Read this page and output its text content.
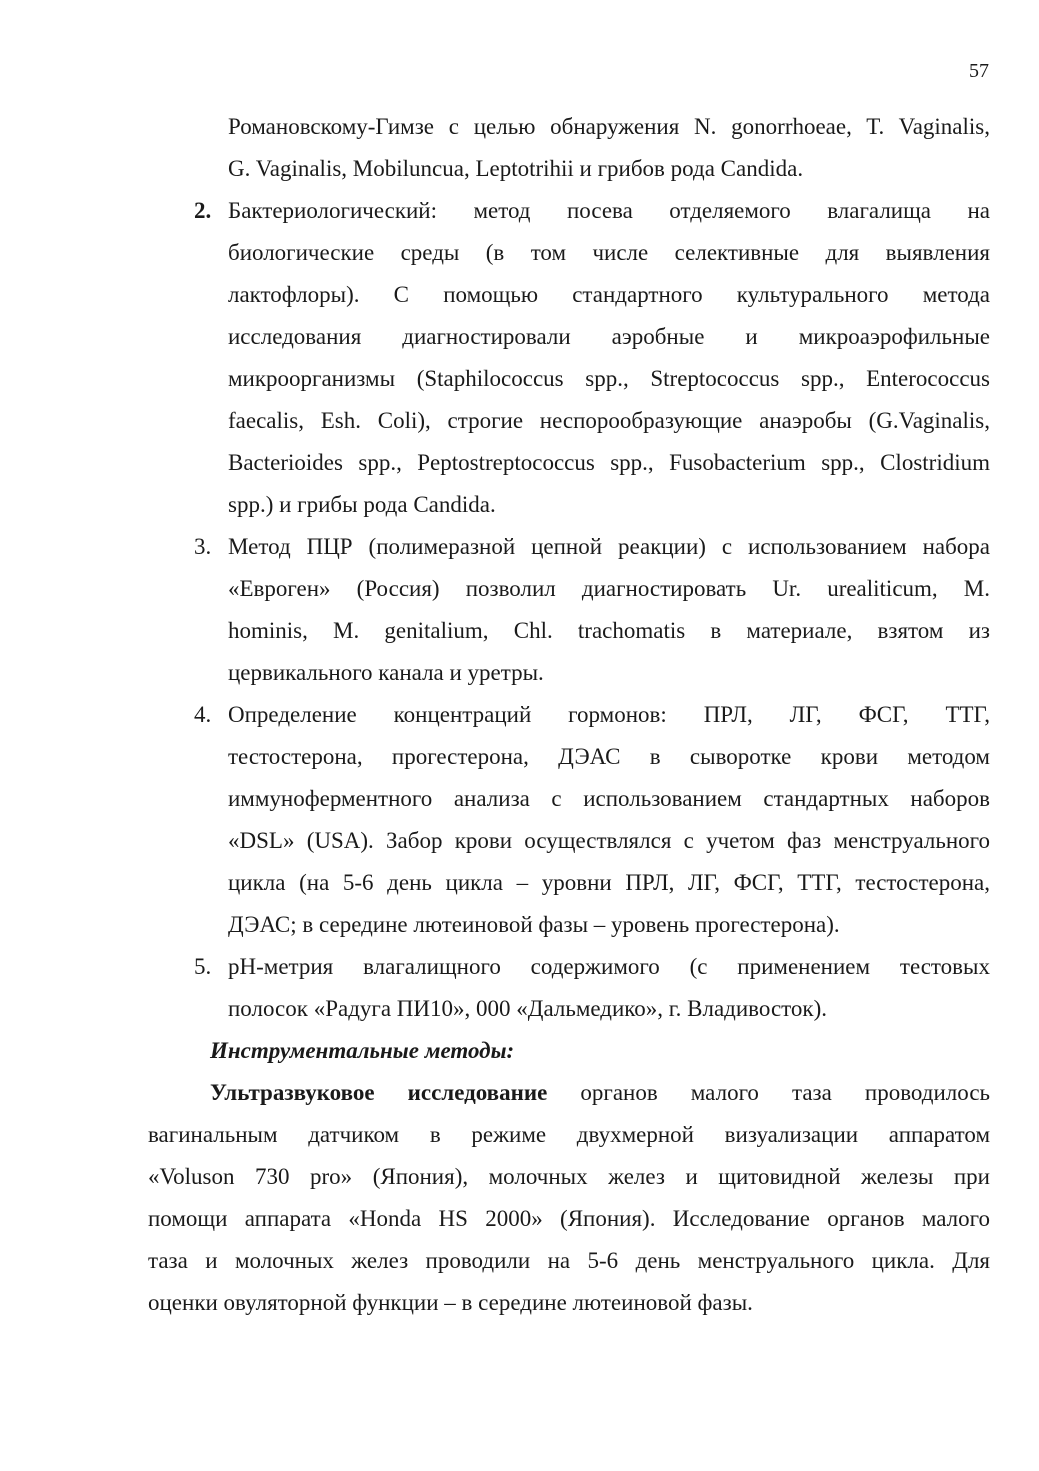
57
Романовскому-Гимзе с целью обнаружения N. gonorrhoeae, T. Vaginalis,
G. Vaginalis, Mobiluncua, Leptotrihii и грибов рода Candida.
2. Бактериологический: метод посева отделяемого влагалища на
биологические среды (в том числе селективные для выявления
лактофлоры). С помощью стандартного культурального метода
исследования диагностировали аэробные и микроаэрофильные
микроорганизмы (Staphilococcus spp., Streptococcus spp., Enterococcus
faecalis, Esh. Coli), строгие неспорообразующие анаэробы (G.Vaginalis,
Bacterioides spp., Peptostreptococcus spp., Fusobacterium spp., Clostridium
spp.) и грибы рода Candida.
3. Метод ПЦР (полимеразной цепной реакции) с использованием набора
«Евроген» (Россия) позволил диагностировать Ur. urealiticum, M.
hominis, M. genitalium, Chl. trachomatis в материале, взятом из
цервикального канала и уретры.
4. Определение концентраций гормонов: ПРЛ, ЛГ, ФСГ, ТТГ,
тестостерона, прогестерона, ДЭАС в сыворотке крови методом
иммуноферментного анализа с использованием стандартных наборов
«DSL» (USA). Забор крови осуществлялся с учетом фаз менструального
цикла (на 5-6 день цикла – уровни ПРЛ, ЛГ, ФСГ, ТТГ, тестостерона,
ДЭАС; в середине лютеиновой фазы – уровень прогестерона).
5. pH-метрия влагалищного содержимого (с применением тестовых
полосок «Радуга ПИ10», 000 «Дальмедико», г. Владивосток).
Инструментальные методы:
Ультразвуковое исследование органов малого таза проводилось
вагинальным датчиком в режиме двухмерной визуализации аппаратом
«Voluson 730 pro» (Япония), молочных желез и щитовидной железы при
помощи аппарата «Honda HS 2000» (Япония). Исследование органов малого
таза и молочных желез проводили на 5-6 день менструального цикла. Для
оценки овуляторной функции – в середине лютеиновой фазы.
